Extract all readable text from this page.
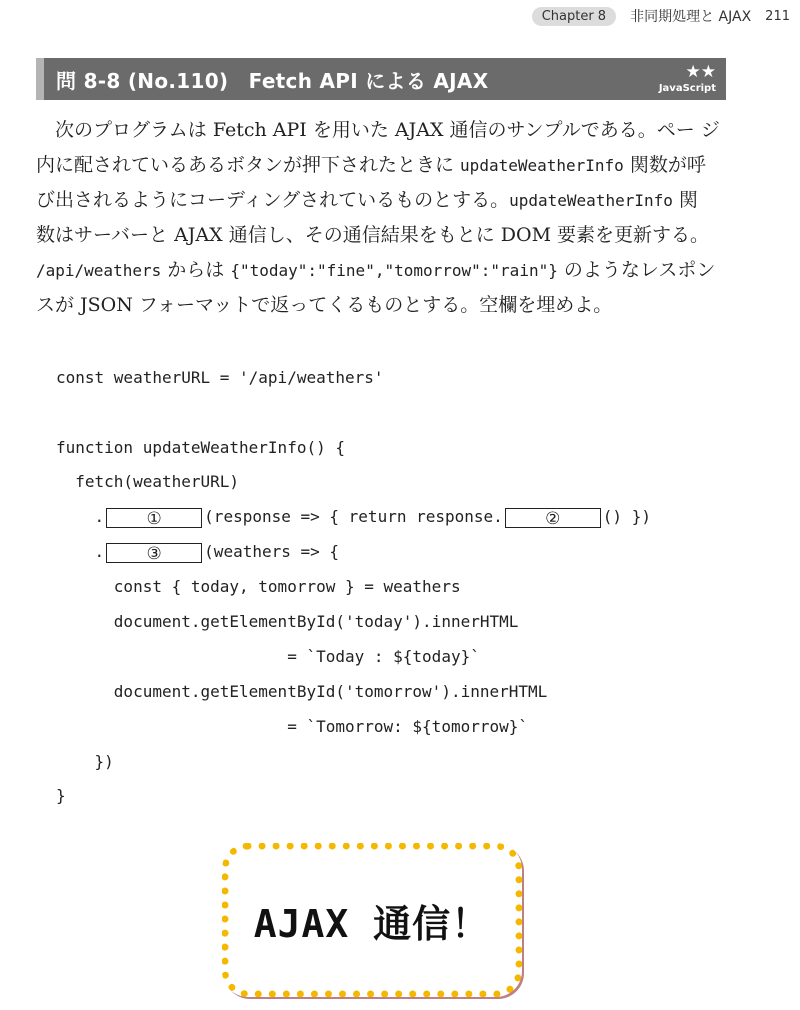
Chapter 8	非同期処理と AJAX 211
問 8-8 (No.110)　Fetch API による AJAX	★★
JavaScript

次のプログラムは Fetch API を用いた AJAX 通信のサンプルである。ペー ジ

内に配されているあるボタンが押下されたときに updateWeatherInfo 関数が呼
び出されるようにコーディングされているものとする。updateWeatherInfo 関
数はサーバーと AJAX 通信し、その通信結果をもとに DOM 要素を更新する。
/api/weathers からは {"today":"fine","tomorrow":"rain"} のようなレスポン
スが JSON フォーマットで返ってくるものとする。空欄を埋めよ。
const weatherURL = '/api/weathers'
function updateWeatherInfo() {
fetch(weatherURL)
. ①	(response => { return response. ②	() })
. ③	(weathers => {
const { today, tomorrow } = weathers
document.getElementById('today').innerHTML
= `Today : ${today}`
document.getElementById('tomorrow').innerHTML
= `Tomorrow: ${tomorrow}`
})
}
AJAX 通信！
